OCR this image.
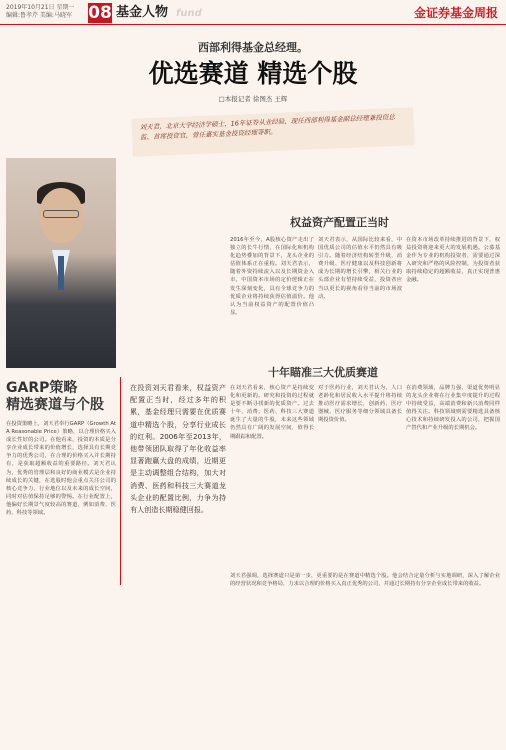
2019年10月21日 星期一
编辑:鲁孝芹 美编:马晓军 08 基金人物 fund	金证券基金周报
西部利得基金总经理。
优选赛道 精选个股
□本报记者 徐图杰 王辉

刘天君，北京大学经济学硕士，16年证券从业经验，现任西部利得基金副总经理兼投资总监、首席投资官，曾任嘉实基金投资经理等职。

权益资产配置正当时
2016年至今，A股核心资产走出了独立的长牛行情，在国际化和机构化趋势叠加的背景下，龙头企业的估值体系正在重构。刘天君表示，随着外资持续流入以及长期资金入市，中国资本市场的定价逻辑正在发生深刻变化，具有全球竞争力的优质企业将持续获得估值溢价。他认为当前权益资产的配置价值凸显。
刘天君表示，从国际比较来看，中国优质公司的估值水平仍然具有吸引力。随着经济结构转型升级，消费升级、医疗健康以及科技创新将成为长期的增长引擎，相关行业的头部企业有望持续受益，投资者应当以更长的视角看待当前的市场波动。
在资本市场改革持续推进的背景下，权益投资将迎来更大的发展机遇。公募基金作为专业的机构投资者，需要通过深入研究和严格的风险控制，为投资者获取持续稳定的超额收益，真正实现普惠金融。
十年瞄准三大优质赛道
GARP策略
精选赛道与个股
在投资策略上，刘天君奉行GARP（Growth At A Reasonable Price）策略，以合理价格买入成长性好的公司。在他看来，投资的本质是分享企业成长带来的价值增长，选择具有长期竞争力的优秀公司，在合理的价格买入并长期持有，是获取超额收益的重要路径。刘天君认为，优秀的管理层和良好的商业模式是企业持续成长的关键，在选股时他会重点关注公司的核心竞争力、行业地位以及未来的成长空间，同时对估值保持足够的警惕。在行业配置上，他偏好长期景气度较高的赛道，例如消费、医药、科技等领域。
在投资刘天君看来，权益资产配置正当时，经过多年的积累，基金经理只需要在优质赛道中精选个股，分享行业成长的红利。2006年至2013年，他带领团队取得了年化收益率显著跑赢大盘的成绩，近期更是主动调整组合结构，加大对消费、医药和科技三大赛道龙头企业的配置比例，力争为持有人创造长期稳健回报。
在刘天君看来，核心资产是持续变化和更新的。研究和投资的过程就是要不断寻找新的优质资产。过去十年，消费、医药、科技三大赛道诞生了大量的牛股，未来这些领域仍然具有广阔的发展空间，值得长期跟踪和配置。
对于医药行业，刘天君认为，人口老龄化和居民收入水平提升将持续推动医疗需求增长，创新药、医疗器械、医疗服务等细分领域具备长期投资价值。
在消费领域，品牌力强、渠道优势明显的龙头企业将在行业集中度提升的过程中持续受益，高端消费和新兴消费同样值得关注。科技领域则需要精选具备核心技术和持续研发投入的公司，把握国产替代和产业升级的长期机会。
刘天君强调，选择赛道只是第一步，更重要的是在赛道中精选个股。他会结合定量分析与实地调研，深入了解企业的经营状况和竞争格局，力求以合理的价格买入真正优秀的公司，并通过长期持有分享企业成长带来的收益。
